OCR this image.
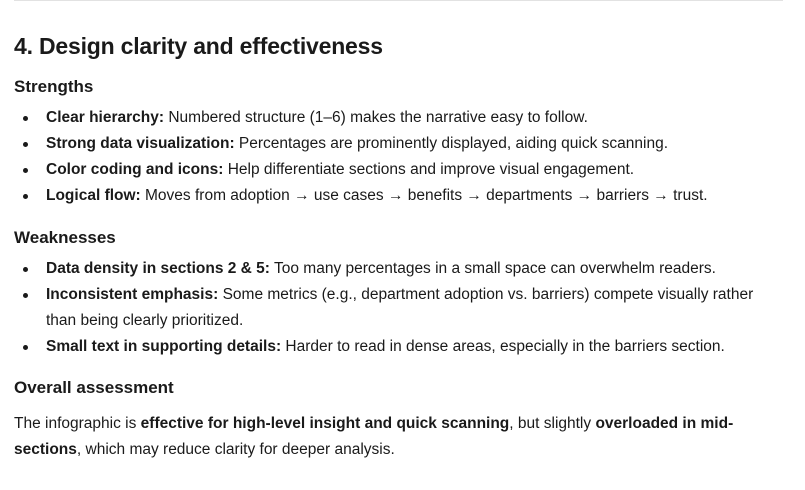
4. Design clarity and effectiveness
Strengths
Clear hierarchy: Numbered structure (1–6) makes the narrative easy to follow.
Strong data visualization: Percentages are prominently displayed, aiding quick scanning.
Color coding and icons: Help differentiate sections and improve visual engagement.
Logical flow: Moves from adoption → use cases → benefits → departments → barriers → trust.
Weaknesses
Data density in sections 2 & 5: Too many percentages in a small space can overwhelm readers.
Inconsistent emphasis: Some metrics (e.g., department adoption vs. barriers) compete visually rather than being clearly prioritized.
Small text in supporting details: Harder to read in dense areas, especially in the barriers section.
Overall assessment

The infographic is effective for high-level insight and quick scanning, but slightly overloaded in mid-sections, which may reduce clarity for deeper analysis.
